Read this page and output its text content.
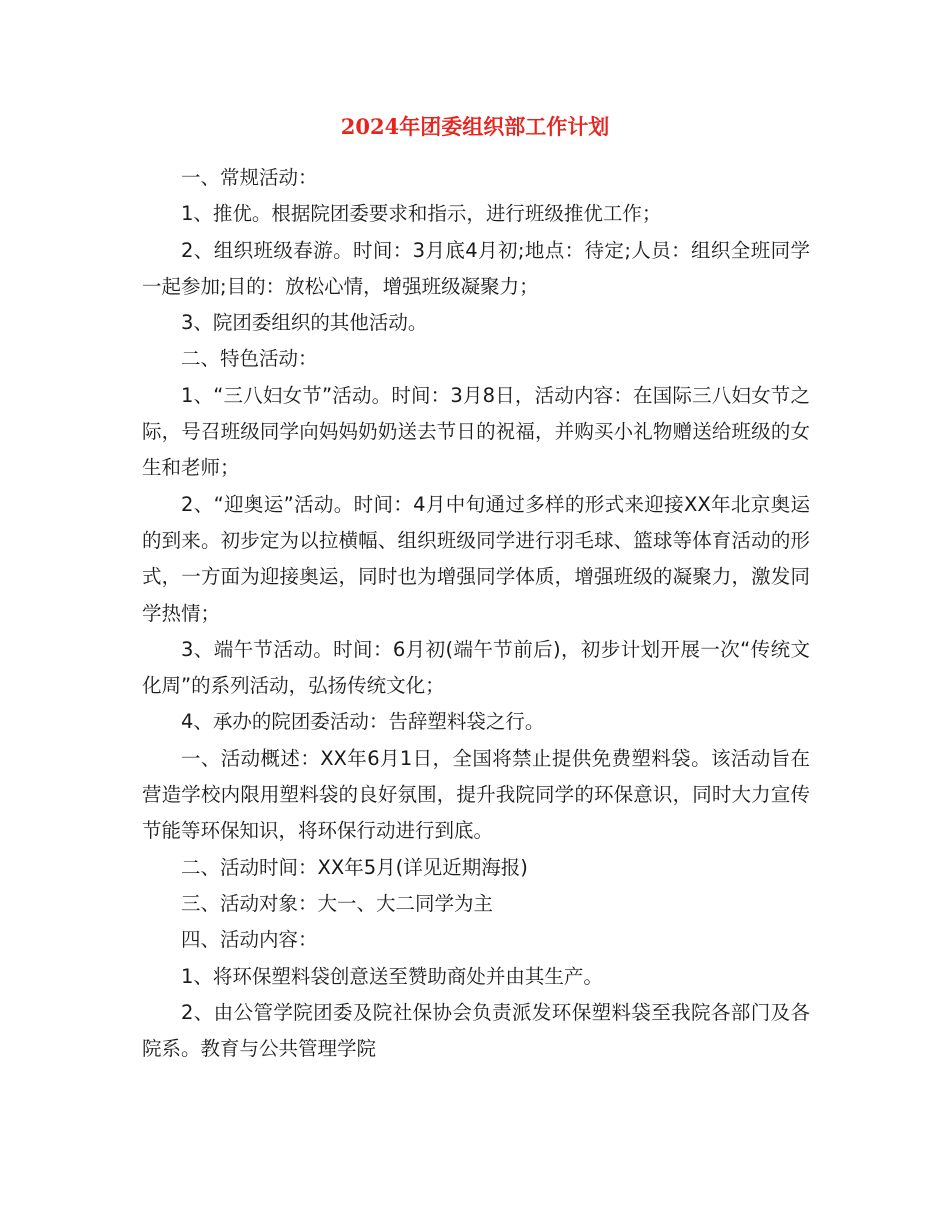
2024年团委组织部工作计划

一、常规活动：

1、推优。根据院团委要求和指示，进行班级推优工作；

2、组织班级春游。时间：3月底4月初;地点：待定;人员：组织全班同学一起参加;目的：放松心情，增强班级凝聚力；

3、院团委组织的其他活动。

二、特色活动：

1、“三八妇女节”活动。时间：3月8日，活动内容：在国际三八妇女节之际，号召班级同学向妈妈奶奶送去节日的祝福，并购买小礼物赠送给班级的女生和老师；

2、“迎奥运”活动。时间：4月中旬通过多样的形式来迎接XX年北京奥运的到来。初步定为以拉横幅、组织班级同学进行羽毛球、篮球等体育活动的形式，一方面为迎接奥运，同时也为增强同学体质，增强班级的凝聚力，激发同学热情；

3、端午节活动。时间：6月初(端午节前后)，初步计划开展一次“传统文化周”的系列活动，弘扬传统文化；

4、承办的院团委活动：告辞塑料袋之行。

一、活动概述：XX年6月1日，全国将禁止提供免费塑料袋。该活动旨在营造学校内限用塑料袋的良好氛围，提升我院同学的环保意识，同时大力宣传节能等环保知识，将环保行动进行到底。

二、活动时间：XX年5月(详见近期海报)

三、活动对象：大一、大二同学为主

四、活动内容：

1、将环保塑料袋创意送至赞助商处并由其生产。

2、由公管学院团委及院社保协会负责派发环保塑料袋至我院各部门及各院系。教育与公共管理学院
